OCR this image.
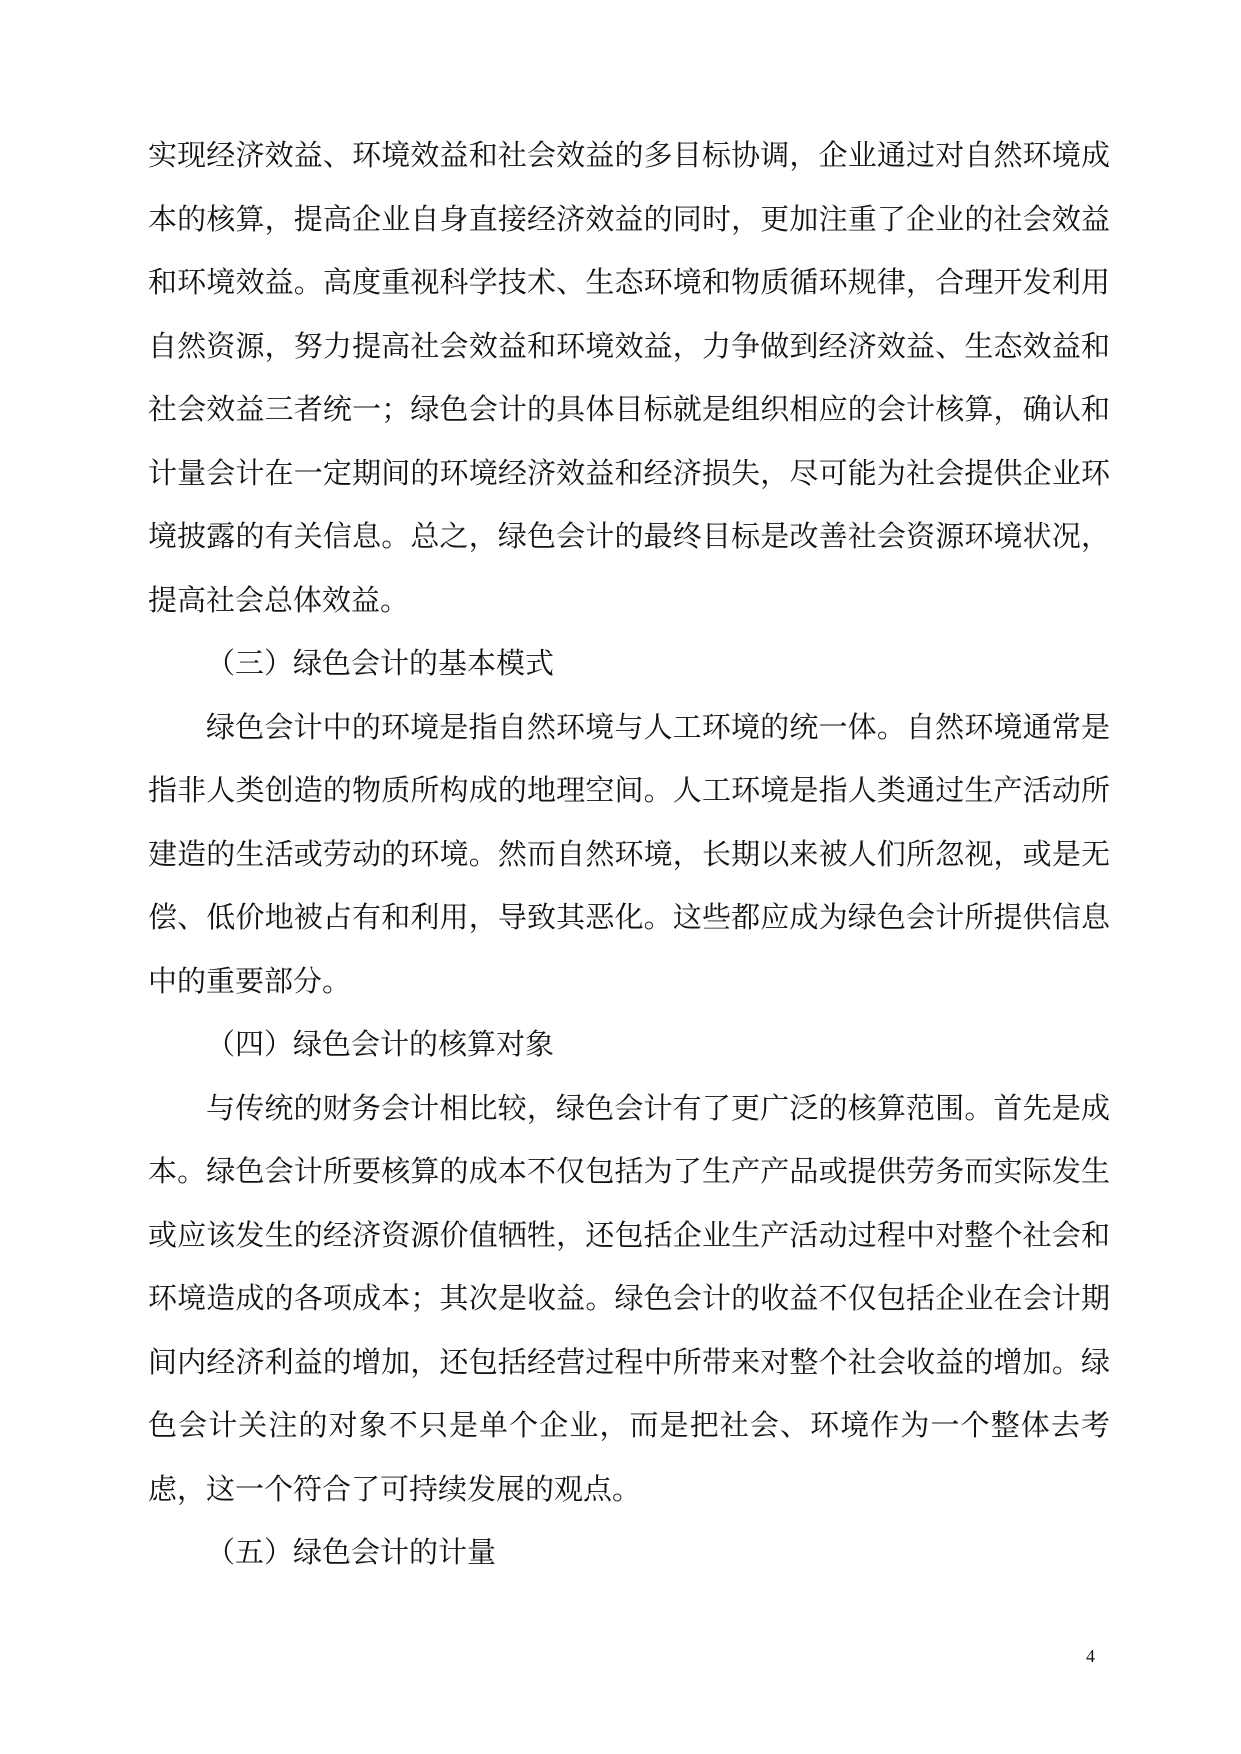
实现经济效益、环境效益和社会效益的多目标协调，企业通过对自然环境成本的核算，提高企业自身直接经济效益的同时，更加注重了企业的社会效益和环境效益。高度重视科学技术、生态环境和物质循环规律，合理开发利用自然资源，努力提高社会效益和环境效益，力争做到经济效益、生态效益和社会效益三者统一；绿色会计的具体目标就是组织相应的会计核算，确认和计量会计在一定期间的环境经济效益和经济损失，尽可能为社会提供企业环境披露的有关信息。总之，绿色会计的最终目标是改善社会资源环境状况，提高社会总体效益。

（三）绿色会计的基本模式

绿色会计中的环境是指自然环境与人工环境的统一体。自然环境通常是指非人类创造的物质所构成的地理空间。人工环境是指人类通过生产活动所建造的生活或劳动的环境。然而自然环境，长期以来被人们所忽视，或是无偿、低价地被占有和利用，导致其恶化。这些都应成为绿色会计所提供信息中的重要部分。

（四）绿色会计的核算对象

与传统的财务会计相比较，绿色会计有了更广泛的核算范围。首先是成本。绿色会计所要核算的成本不仅包括为了生产产品或提供劳务而实际发生或应该发生的经济资源价值牺牲，还包括企业生产活动过程中对整个社会和环境造成的各项成本；其次是收益。绿色会计的收益不仅包括企业在会计期间内经济利益的增加，还包括经营过程中所带来对整个社会收益的增加。绿色会计关注的对象不只是单个企业，而是把社会、环境作为一个整体去考虑，这一个符合了可持续发展的观点。

（五）绿色会计的计量

4
